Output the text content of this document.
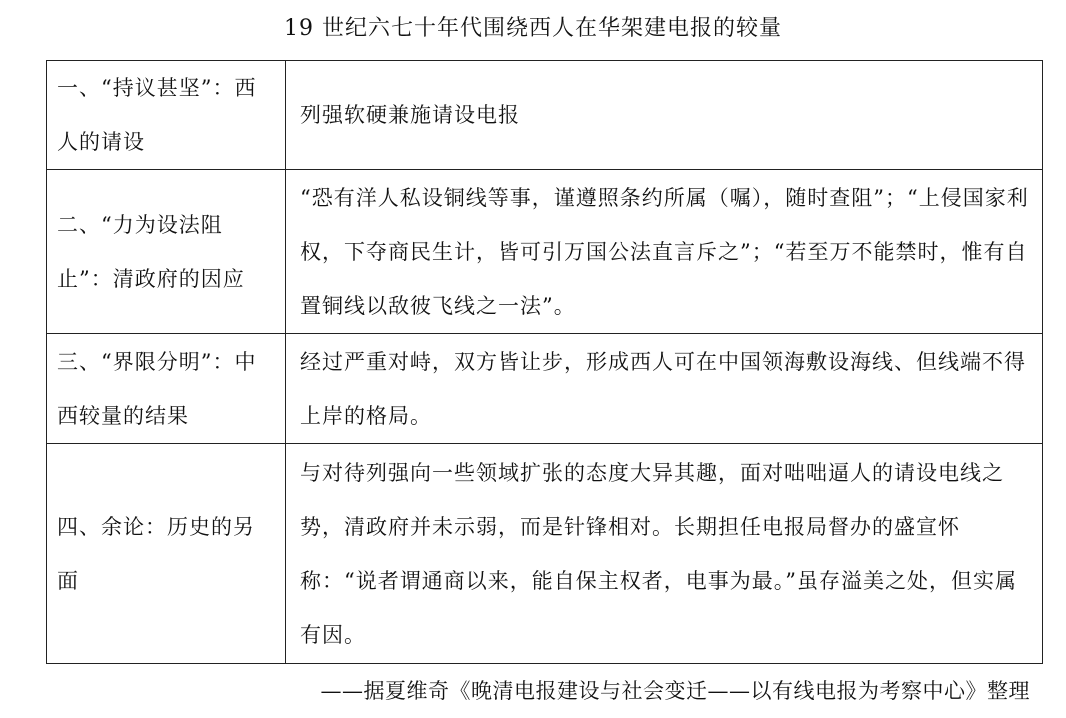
19 世纪六七十年代围绕西人在华架建电报的较量
一、“持议甚坚”：西人的请设	列强软硬兼施请设电报
二、“力为设法阻止”：清政府的因应	“恐有洋人私设铜线等事，谨遵照条约所属（嘱），随时查阻”；“上侵国家利权，下夺商民生计，皆可引万国公法直言斥之”；“若至万不能禁时，惟有自置铜线以敌彼飞线之一法”。
三、“界限分明”：中西较量的结果	经过严重对峙，双方皆让步，形成西人可在中国领海敷设海线、但线端不得上岸的格局。
四、余论：历史的另面	与对待列强向一些领域扩张的态度大异其趣，面对咄咄逼人的请设电线之势，清政府并未示弱，而是针锋相对。长期担任电报局督办的盛宣怀称：“说者谓通商以来，能自保主权者，电事为最。”虽存溢美之处，但实属有因。
——据夏维奇《晚清电报建设与社会变迁——以有线电报为考察中心》整理
